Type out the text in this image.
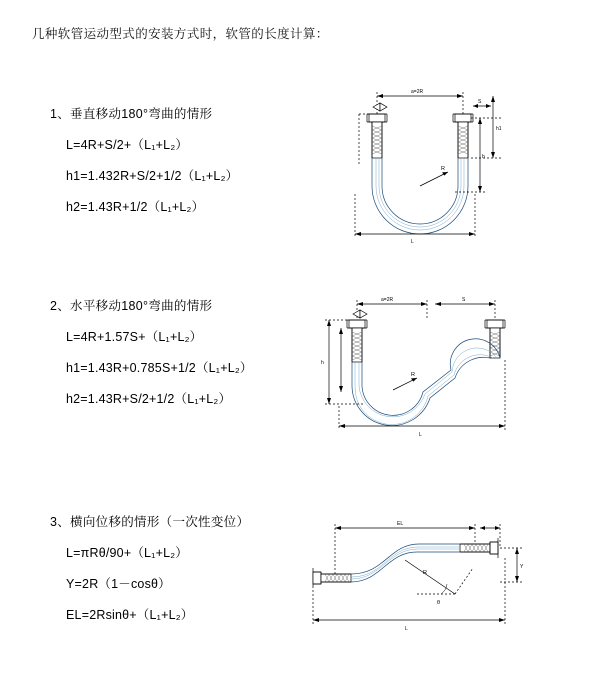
几种软管运动型式的安装方式时，软管的长度计算：
1、垂直移动180°弯曲的情形
L=4R+S/2+（L₁+L₂）
h1=1.432R+S/2+1/2（L₁+L₂）
h2=1.43R+1/2（L₁+L₂）
a=2R
R
h1
h
S
L
2、水平移动180°弯曲的情形
L=4R+1.57S+（L₁+L₂）
h1=1.43R+0.785S+1/2（L₁+L₂）
h2=1.43R+S/2+1/2（L₁+L₂）
a=2R	S
R
h
L
3、横向位移的情形（一次性变位）
L=πRθ/90+（L₁+L₂）
Y=2R（1－cosθ）
EL=2Rsinθ+（L₁+L₂）
EL
θ
R
Y
L
